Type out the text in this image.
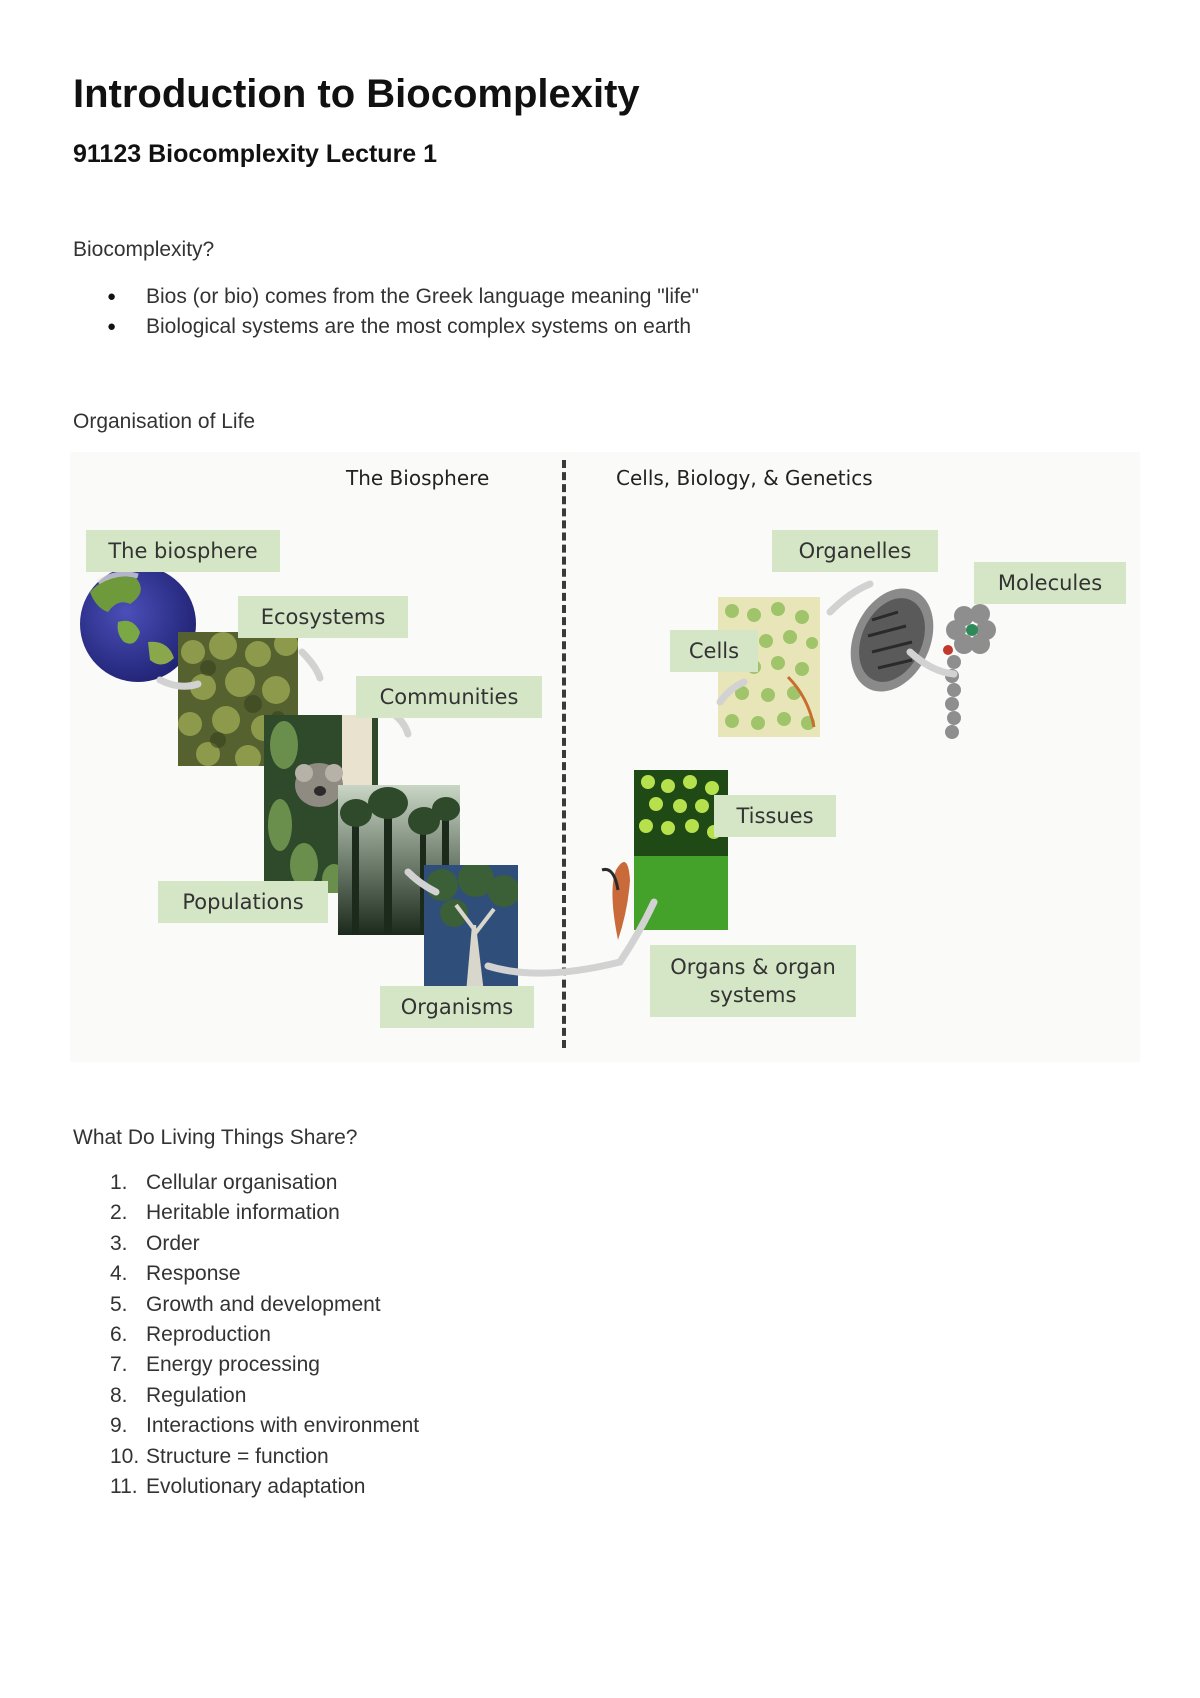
Introduction to Biocomplexity
91123 Biocomplexity Lecture 1

Biocomplexity?

● Bios (or bio) comes from the Greek language meaning "life"
● Biological systems are the most complex systems on earth

Organisation of Life

The Biosphere	Cells, Biology, & Genetics
The biosphere
Ecosystems
Communities
Populations
Organisms
Organelles
Molecules
Cells
Tissues
Organs & organ
systems

What Do Living Things Share?

1. Cellular organisation
2. Heritable information
3. Order
4. Response
5. Growth and development
6. Reproduction
7. Energy processing
8. Regulation
9. Interactions with environment
10. Structure = function
11. Evolutionary adaptation
